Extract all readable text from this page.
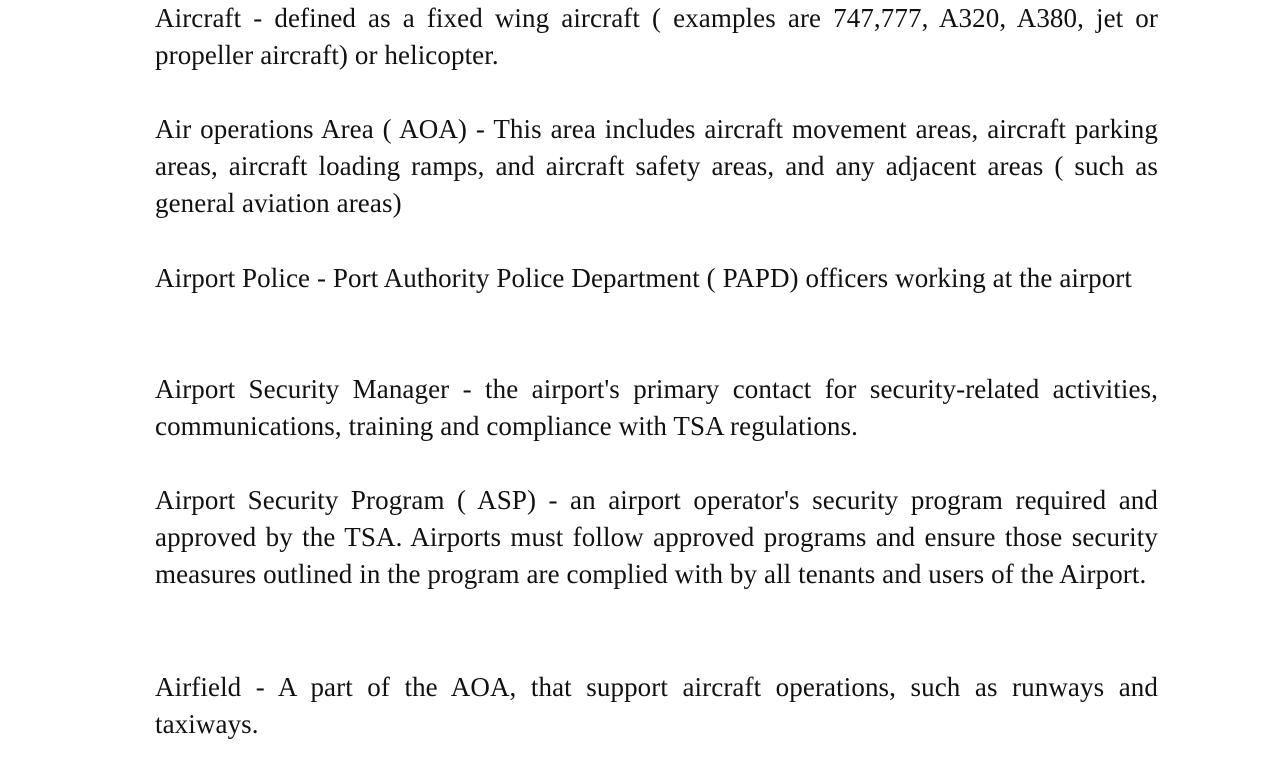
Aircraft - defined as a fixed wing aircraft ( examples are 747,777, A320, A380, jet or propeller aircraft) or helicopter.

Air operations Area ( AOA) - This area includes aircraft movement areas, aircraft parking areas, aircraft loading ramps, and aircraft safety areas, and any adjacent areas ( such as general aviation areas)

Airport Police - Port Authority Police Department ( PAPD) officers working at the airport

Airport Security Manager - the airport's primary contact for security-related activities, communications, training and compliance with TSA regulations.

Airport Security Program ( ASP) - an airport operator's security program required and approved by the TSA. Airports must follow approved programs and ensure those security measures outlined in the program are complied with by all tenants and users of the Airport.

Airfield - A part of the AOA, that support aircraft operations, such as runways and taxiways.
